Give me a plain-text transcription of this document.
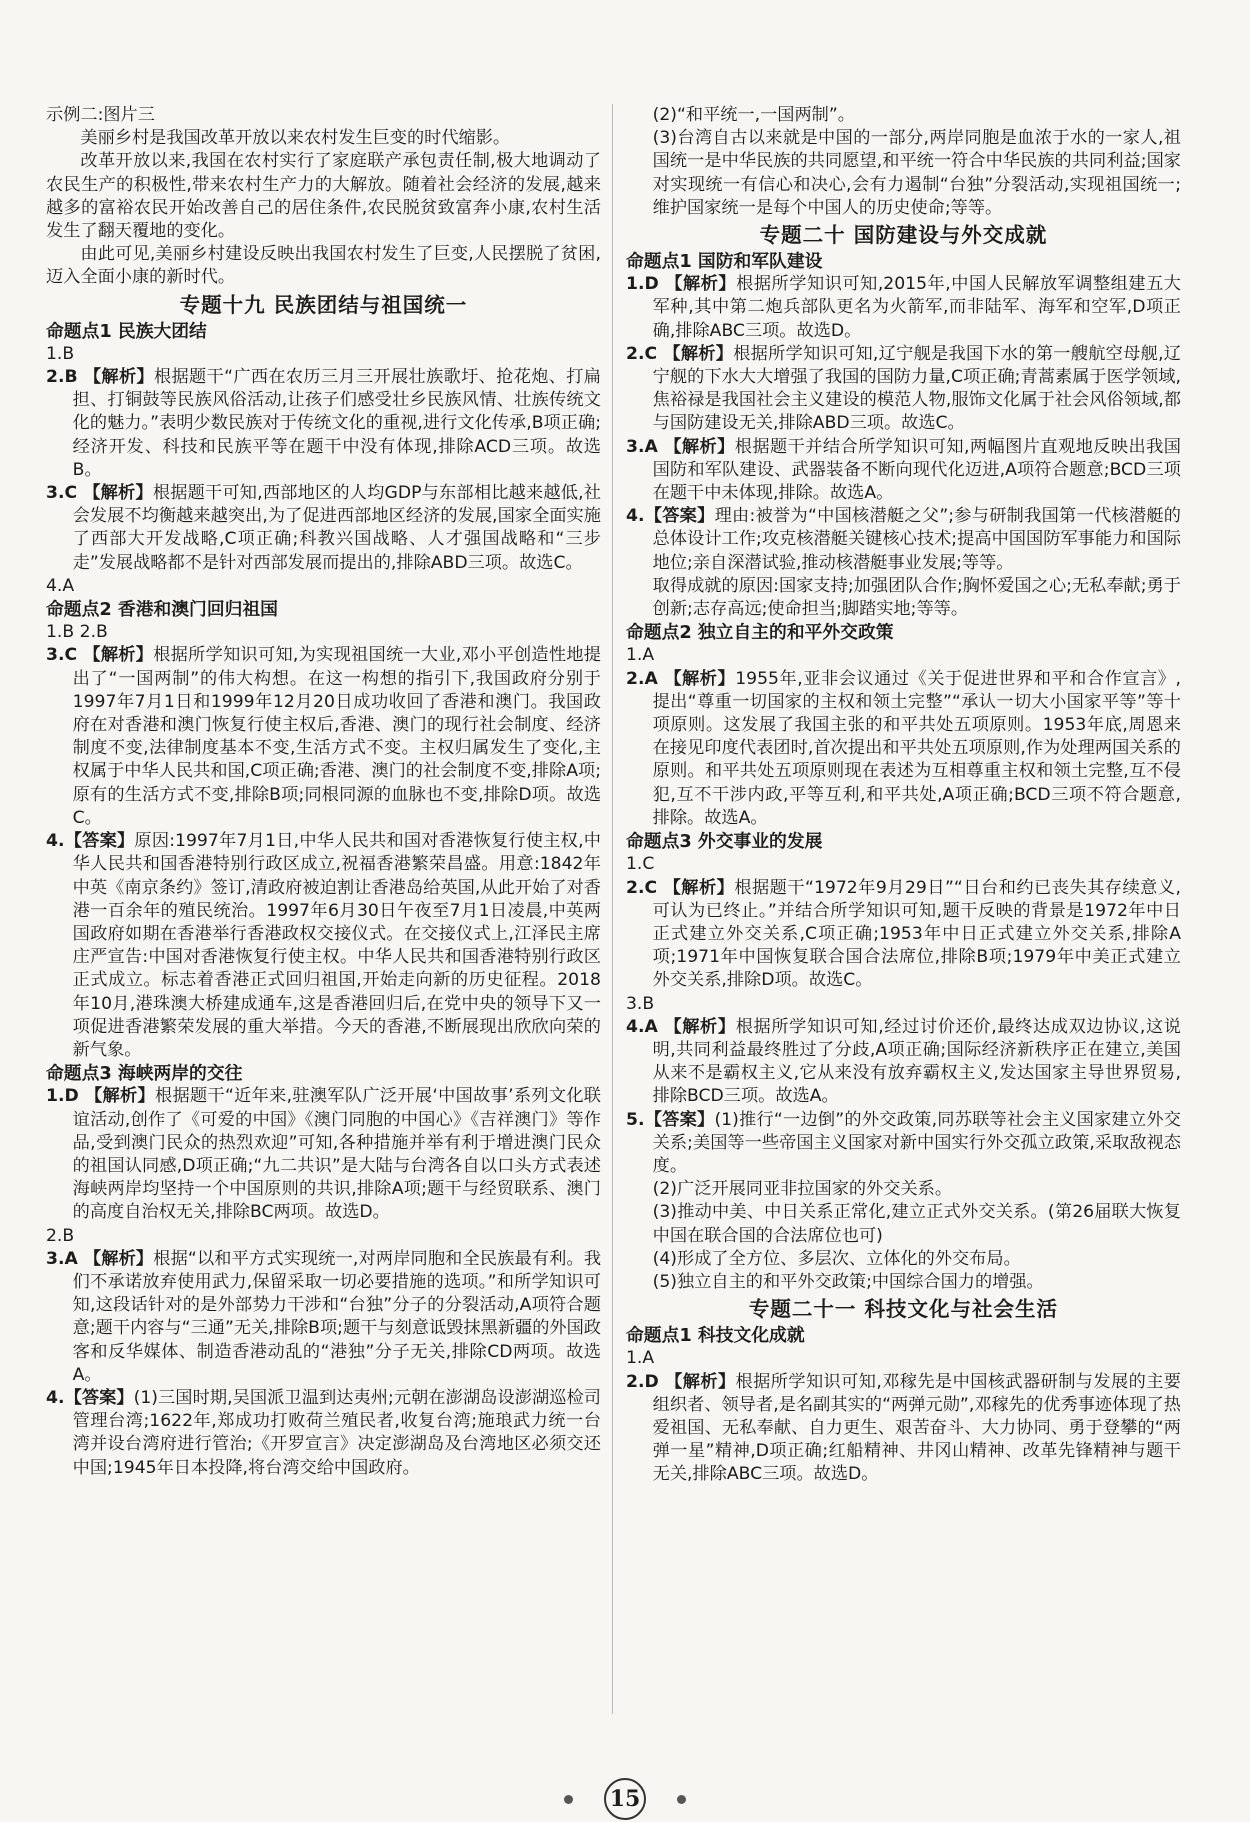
示例二:图片三

美丽乡村是我国改革开放以来农村发生巨变的时代缩影。

改革开放以来,我国在农村实行了家庭联产承包责任制,极大地调动了农民生产的积极性,带来农村生产力的大解放。随着社会经济的发展,越来越多的富裕农民开始改善自己的居住条件,农民脱贫致富奔小康,农村生活发生了翻天覆地的变化。

由此可见,美丽乡村建设反映出我国农村发生了巨变,人民摆脱了贫困,迈入全面小康的新时代。

专题十九 民族团结与祖国统一

命题点1 民族大团结

1.B

2.B 【解析】根据题干“广西在农历三月三开展壮族歌圩、抢花炮、打扁担、打铜鼓等民族风俗活动,让孩子们感受壮乡民族风情、壮族传统文化的魅力。”表明少数民族对于传统文化的重视,进行文化传承,B项正确;经济开发、科技和民族平等在题干中没有体现,排除ACD三项。故选B。

3.C 【解析】根据题干可知,西部地区的人均GDP与东部相比越来越低,社会发展不均衡越来越突出,为了促进西部地区经济的发展,国家全面实施了西部大开发战略,C项正确;科教兴国战略、人才强国战略和“三步走”发展战略都不是针对西部发展而提出的,排除ABD三项。故选C。

4.A

命题点2 香港和澳门回归祖国

1.B 2.B

3.C 【解析】根据所学知识可知,为实现祖国统一大业,邓小平创造性地提出了“一国两制”的伟大构想。在这一构想的指引下,我国政府分别于1997年7月1日和1999年12月20日成功收回了香港和澳门。我国政府在对香港和澳门恢复行使主权后,香港、澳门的现行社会制度、经济制度不变,法律制度基本不变,生活方式不变。主权归属发生了变化,主权属于中华人民共和国,C项正确;香港、澳门的社会制度不变,排除A项;原有的生活方式不变,排除B项;同根同源的血脉也不变,排除D项。故选C。

4.【答案】原因:1997年7月1日,中华人民共和国对香港恢复行使主权,中华人民共和国香港特别行政区成立,祝福香港繁荣昌盛。用意:1842年中英《南京条约》签订,清政府被迫割让香港岛给英国,从此开始了对香港一百余年的殖民统治。1997年6月30日午夜至7月1日凌晨,中英两国政府如期在香港举行香港政权交接仪式。在交接仪式上,江泽民主席庄严宣告:中国对香港恢复行使主权。中华人民共和国香港特别行政区正式成立。标志着香港正式回归祖国,开始走向新的历史征程。2018年10月,港珠澳大桥建成通车,这是香港回归后,在党中央的领导下又一项促进香港繁荣发展的重大举措。今天的香港,不断展现出欣欣向荣的新气象。

命题点3 海峡两岸的交往

1.D 【解析】根据题干“近年来,驻澳军队广泛开展‘中国故事’系列文化联谊活动,创作了《可爱的中国》《澳门同胞的中国心》《吉祥澳门》等作品,受到澳门民众的热烈欢迎”可知,各种措施并举有利于增进澳门民众的祖国认同感,D项正确;“九二共识”是大陆与台湾各自以口头方式表述海峡两岸均坚持一个中国原则的共识,排除A项;题干与经贸联系、澳门的高度自治权无关,排除BC两项。故选D。

2.B

3.A 【解析】根据“以和平方式实现统一,对两岸同胞和全民族最有利。我们不承诺放弃使用武力,保留采取一切必要措施的选项。”和所学知识可知,这段话针对的是外部势力干涉和“台独”分子的分裂活动,A项符合题意;题干内容与“三通”无关,排除B项;题干与刻意诋毁抹黑新疆的外国政客和反华媒体、制造香港动乱的“港独”分子无关,排除CD两项。故选A。

4.【答案】(1)三国时期,吴国派卫温到达夷州;元朝在澎湖岛设澎湖巡检司管理台湾;1622年,郑成功打败荷兰殖民者,收复台湾;施琅武力统一台湾并设台湾府进行管治;《开罗宣言》决定澎湖岛及台湾地区必须交还中国;1945年日本投降,将台湾交给中国政府。

(2)“和平统一,一国两制”。

(3)台湾自古以来就是中国的一部分,两岸同胞是血浓于水的一家人,祖国统一是中华民族的共同愿望,和平统一符合中华民族的共同利益;国家对实现统一有信心和决心,会有力遏制“台独”分裂活动,实现祖国统一;维护国家统一是每个中国人的历史使命;等等。

专题二十 国防建设与外交成就

命题点1 国防和军队建设

1.D 【解析】根据所学知识可知,2015年,中国人民解放军调整组建五大军种,其中第二炮兵部队更名为火箭军,而非陆军、海军和空军,D项正确,排除ABC三项。故选D。

2.C 【解析】根据所学知识可知,辽宁舰是我国下水的第一艘航空母舰,辽宁舰的下水大大增强了我国的国防力量,C项正确;青蒿素属于医学领域,焦裕禄是我国社会主义建设的模范人物,服饰文化属于社会风俗领域,都与国防建设无关,排除ABD三项。故选C。

3.A 【解析】根据题干并结合所学知识可知,两幅图片直观地反映出我国国防和军队建设、武器装备不断向现代化迈进,A项符合题意;BCD三项在题干中未体现,排除。故选A。

4.【答案】理由:被誉为“中国核潜艇之父”;参与研制我国第一代核潜艇的总体设计工作;攻克核潜艇关键核心技术;提高中国国防军事能力和国际地位;亲自深潜试验,推动核潜艇事业发展;等等。

取得成就的原因:国家支持;加强团队合作;胸怀爱国之心;无私奉献;勇于创新;志存高远;使命担当;脚踏实地;等等。

命题点2 独立自主的和平外交政策

1.A

2.A 【解析】1955年,亚非会议通过《关于促进世界和平和合作宣言》,提出“尊重一切国家的主权和领土完整”“承认一切大小国家平等”等十项原则。这发展了我国主张的和平共处五项原则。1953年底,周恩来在接见印度代表团时,首次提出和平共处五项原则,作为处理两国关系的原则。和平共处五项原则现在表述为互相尊重主权和领土完整,互不侵犯,互不干涉内政,平等互利,和平共处,A项正确;BCD三项不符合题意,排除。故选A。

命题点3 外交事业的发展

1.C

2.C 【解析】根据题干“1972年9月29日”“日台和约已丧失其存续意义,可认为已终止。”并结合所学知识可知,题干反映的背景是1972年中日正式建立外交关系,C项正确;1953年中日正式建立外交关系,排除A项;1971年中国恢复联合国合法席位,排除B项;1979年中美正式建立外交关系,排除D项。故选C。

3.B

4.A 【解析】根据所学知识可知,经过讨价还价,最终达成双边协议,这说明,共同利益最终胜过了分歧,A项正确;国际经济新秩序正在建立,美国从来不是霸权主义,它从来没有放弃霸权主义,发达国家主导世界贸易,排除BCD三项。故选A。

5.【答案】(1)推行“一边倒”的外交政策,同苏联等社会主义国家建立外交关系;美国等一些帝国主义国家对新中国实行外交孤立政策,采取敌视态度。

(2)广泛开展同亚非拉国家的外交关系。

(3)推动中美、中日关系正常化,建立正式外交关系。(第26届联大恢复中国在联合国的合法席位也可)

(4)形成了全方位、多层次、立体化的外交布局。

(5)独立自主的和平外交政策;中国综合国力的增强。

专题二十一 科技文化与社会生活

命题点1 科技文化成就

1.A

2.D 【解析】根据所学知识可知,邓稼先是中国核武器研制与发展的主要组织者、领导者,是名副其实的“两弹元勋”,邓稼先的优秀事迹体现了热爱祖国、无私奉献、自力更生、艰苦奋斗、大力协同、勇于登攀的“两弹一星”精神,D项正确;红船精神、井冈山精神、改革先锋精神与题干无关,排除ABC三项。故选D。

15
